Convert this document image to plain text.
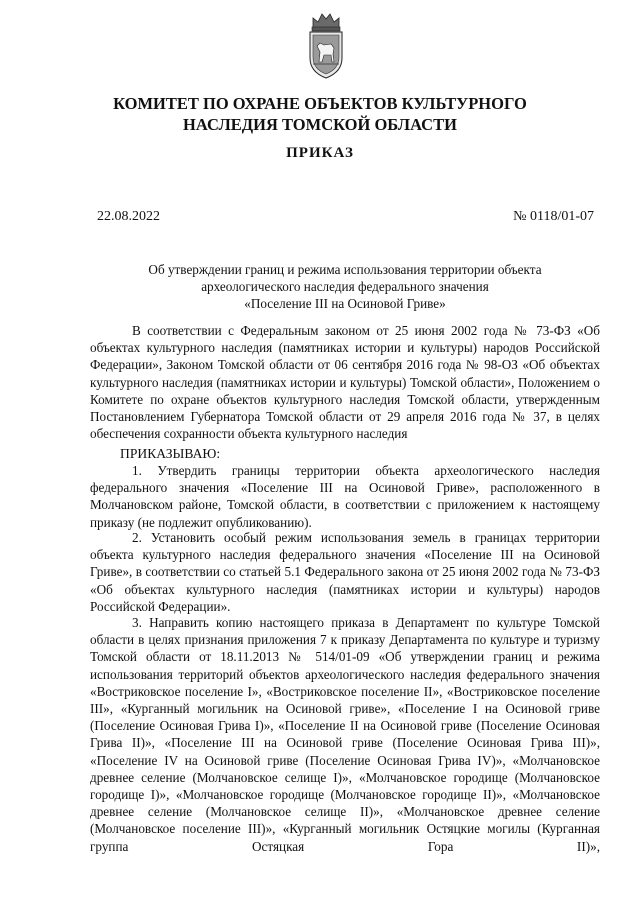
КОМИТЕТ ПО ОХРАНЕ ОБЪЕКТОВ КУЛЬТУРНОГО
НАСЛЕДИЯ ТОМСКОЙ ОБЛАСТИ
ПРИКАЗ
22.08.2022	№ 0118/01-07
Об утверждении границ и режима использования территории объекта
археологического наследия федерального значения
«Поселение III на Осиновой Гриве»
В соответствии с Федеральным законом от 25 июня 2002 года № 73-ФЗ «Об объектах культурного наследия (памятниках истории и культуры) народов Российской Федерации», Законом Томской области от 06 сентября 2016 года № 98-ОЗ «Об объектах культурного наследия (памятниках истории и культуры) Томской области», Положением о Комитете по охране объектов культурного наследия Томской области, утвержденным Постановлением Губернатора Томской области от 29 апреля 2016 года № 37, в целях обеспечения сохранности объекта культурного наследия
ПРИКАЗЫВАЮ:
1. Утвердить границы территории объекта археологического наследия федерального значения «Поселение III на Осиновой Гриве», расположенного в Молчановском районе, Томской области, в соответствии с приложением к настоящему приказу (не подлежит опубликованию).
2. Установить особый режим использования земель в границах территории объекта культурного наследия федерального значения «Поселение III на Осиновой Гриве», в соответствии со статьей 5.1 Федерального закона от 25 июня 2002 года № 73-ФЗ «Об объектах культурного наследия (памятниках истории и культуры) народов Российской Федерации».
3. Направить копию настоящего приказа в Департамент по культуре Томской области в целях признания приложения 7 к приказу Департамента по культуре и туризму Томской области от 18.11.2013 № 514/01-09 «Об утверждении границ и режима использования территорий объектов археологического наследия федерального значения «Востриковское поселение I», «Востриковское поселение II», «Востриковское поселение III», «Курганный могильник на Осиновой гриве», «Поселение I на Осиновой гриве (Поселение Осиновая Грива I)», «Поселение II на Осиновой гриве (Поселение Осиновая Грива II)», «Поселение III на Осиновой гриве (Поселение Осиновая Грива III)», «Поселение IV на Осиновой гриве (Поселение Осиновая Грива IV)», «Молчановское древнее селение (Молчановское селище I)», «Молчановское городище (Молчановское городище I)», «Молчановское городище (Молчановское городище II)», «Молчановское древнее селение (Молчановское селище II)», «Молчановское древнее селение (Молчановское поселение III)», «Курганный могильник Остяцкие могилы (Курганная группа Остяцкая Гора II)»,
